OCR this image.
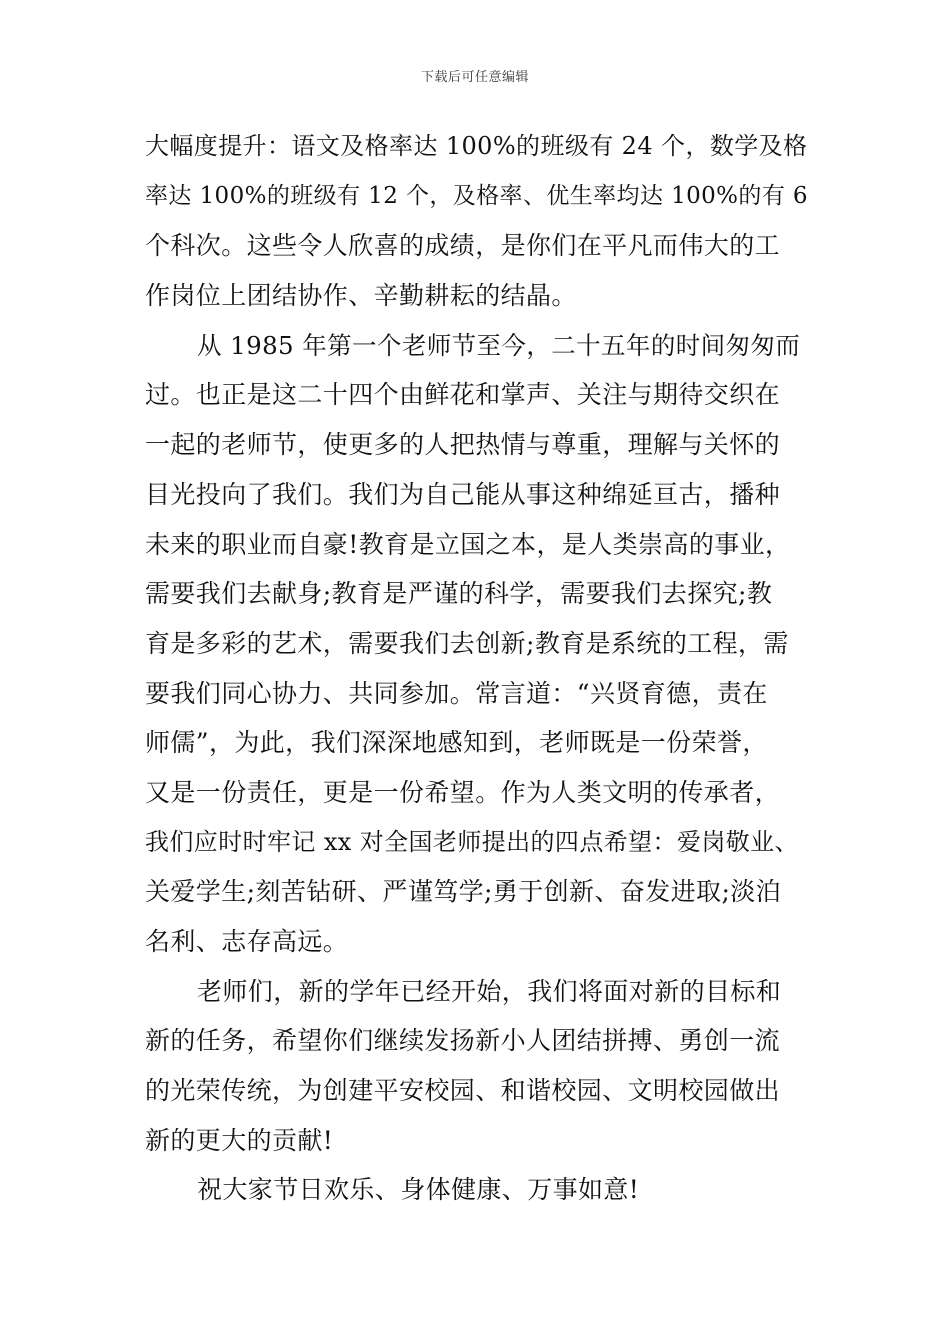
下载后可任意编辑
大幅度提升：语文及格率达 100%的班级有 24 个，数学及格
率达 100%的班级有 12 个，及格率、优生率均达 100%的有 6
个科次。这些令人欣喜的成绩，是你们在平凡而伟大的工
作岗位上团结协作、辛勤耕耘的结晶。
从 1985 年第一个老师节至今，二十五年的时间匆匆而
过。也正是这二十四个由鲜花和掌声、关注与期待交织在
一起的老师节，使更多的人把热情与尊重，理解与关怀的
目光投向了我们。我们为自己能从事这种绵延亘古，播种
未来的职业而自豪!教育是立国之本，是人类崇高的事业，
需要我们去献身;教育是严谨的科学，需要我们去探究;教
育是多彩的艺术，需要我们去创新;教育是系统的工程，需
要我们同心协力、共同参加。常言道：“兴贤育德，责在
师儒”，为此，我们深深地感知到，老师既是一份荣誉，
又是一份责任，更是一份希望。作为人类文明的传承者，
我们应时时牢记 xx 对全国老师提出的四点希望：爱岗敬业、
关爱学生;刻苦钻研、严谨笃学;勇于创新、奋发进取;淡泊
名利、志存高远。
老师们，新的学年已经开始，我们将面对新的目标和
新的任务，希望你们继续发扬新小人团结拼搏、勇创一流
的光荣传统，为创建平安校园、和谐校园、文明校园做出
新的更大的贡献!
祝大家节日欢乐、身体健康、万事如意!
